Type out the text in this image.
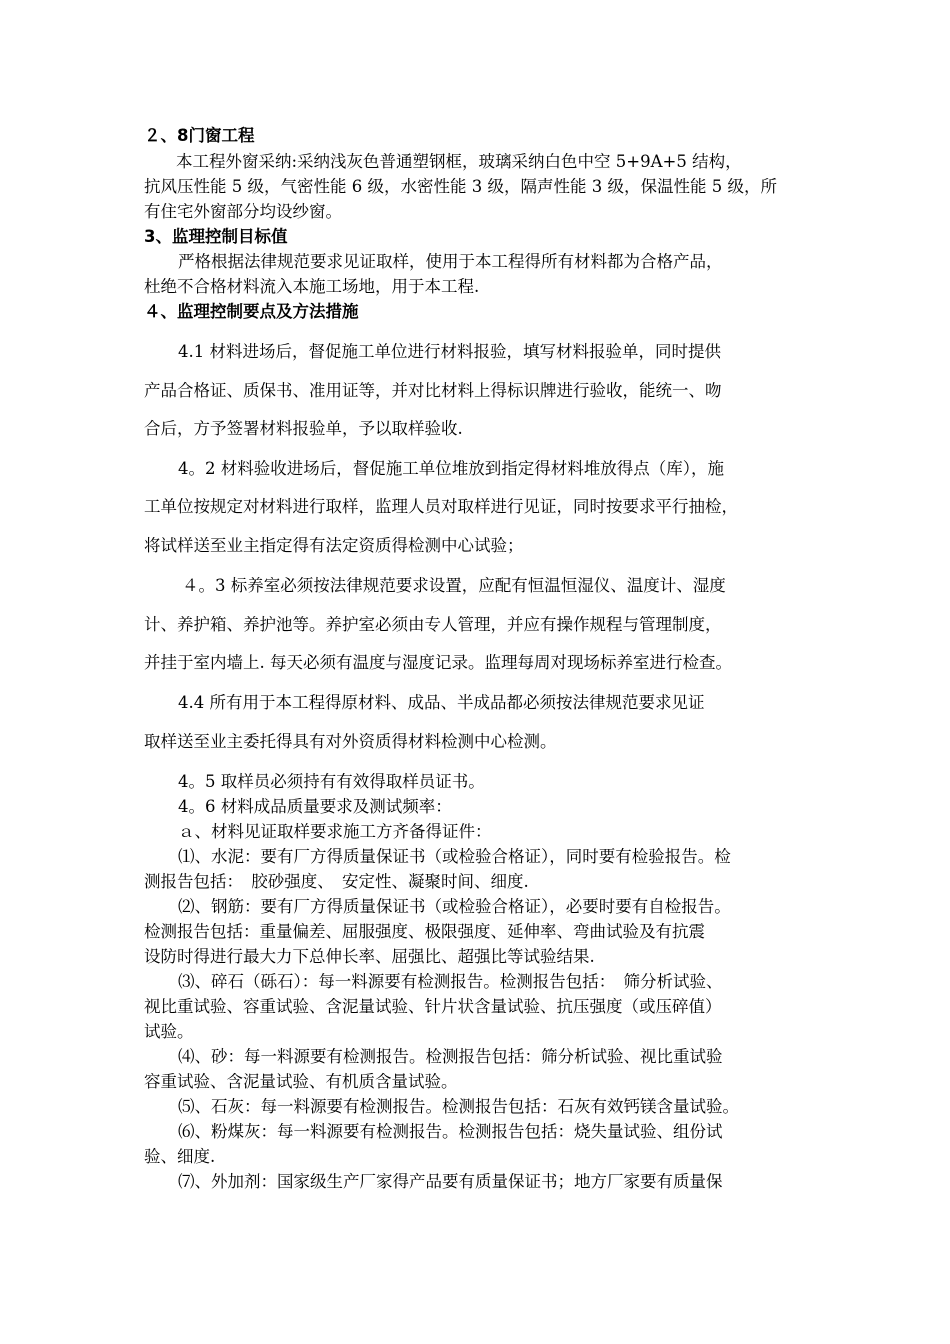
２、8门窗工程
本工程外窗采纳:采纳浅灰色普通塑钢框，玻璃采纳白色中空 5+9A+5 结构，
抗风压性能 5 级，气密性能 6 级，水密性能 3 级，隔声性能 3 级，保温性能 5 级，所
有住宅外窗部分均设纱窗。
3、监理控制目标值
严格根据法律规范要求见证取样，使用于本工程得所有材料都为合格产品，
杜绝不合格材料流入本施工场地，用于本工程.
４、监理控制要点及方法措施
4.1 材料进场后，督促施工单位进行材料报验，填写材料报验单，同时提供
产品合格证、质保书、准用证等，并对比材料上得标识牌进行验收，能统一、吻
合后，方予签署材料报验单，予以取样验收.
4。2 材料验收进场后，督促施工单位堆放到指定得材料堆放得点（库），施
工单位按规定对材料进行取样，监理人员对取样进行见证，同时按要求平行抽检，
将试样送至业主指定得有法定资质得检测中心试验；
４。3 标养室必须按法律规范要求设置，应配有恒温恒湿仪、温度计、湿度
计、养护箱、养护池等。养护室必须由专人管理，并应有操作规程与管理制度，
并挂于室内墙上. 每天必须有温度与湿度记录。监理每周对现场标养室进行检查。
4.4 所有用于本工程得原材料、成品、半成品都必须按法律规范要求见证
取样送至业主委托得具有对外资质得材料检测中心检测。
4。5 取样员必须持有有效得取样员证书。
4。6 材料成品质量要求及测试频率：
ａ、材料见证取样要求施工方齐备得证件：
⑴、水泥：要有厂方得质量保证书（或检验合格证），同时要有检验报告。检
测报告包括：　胶砂强度、　安定性、凝聚时间、细度.
⑵、钢筋：要有厂方得质量保证书（或检验合格证），必要时要有自检报告。
检测报告包括：重量偏差、屈服强度、极限强度、延伸率、弯曲试验及有抗震
设防时得进行最大力下总伸长率、屈强比、超强比等试验结果.
⑶、碎石（砾石）：每一料源要有检测报告。检测报告包括：　筛分析试验、
视比重试验、容重试验、含泥量试验、针片状含量试验、抗压强度（或压碎值）
试验。
⑷、砂：每一料源要有检测报告。检测报告包括：筛分析试验、视比重试验
容重试验、含泥量试验、有机质含量试验。
⑸、石灰：每一料源要有检测报告。检测报告包括：石灰有效钙镁含量试验。
⑹、粉煤灰：每一料源要有检测报告。检测报告包括：烧失量试验、组份试
验、细度.
⑺、外加剂：国家级生产厂家得产品要有质量保证书；地方厂家要有质量保
